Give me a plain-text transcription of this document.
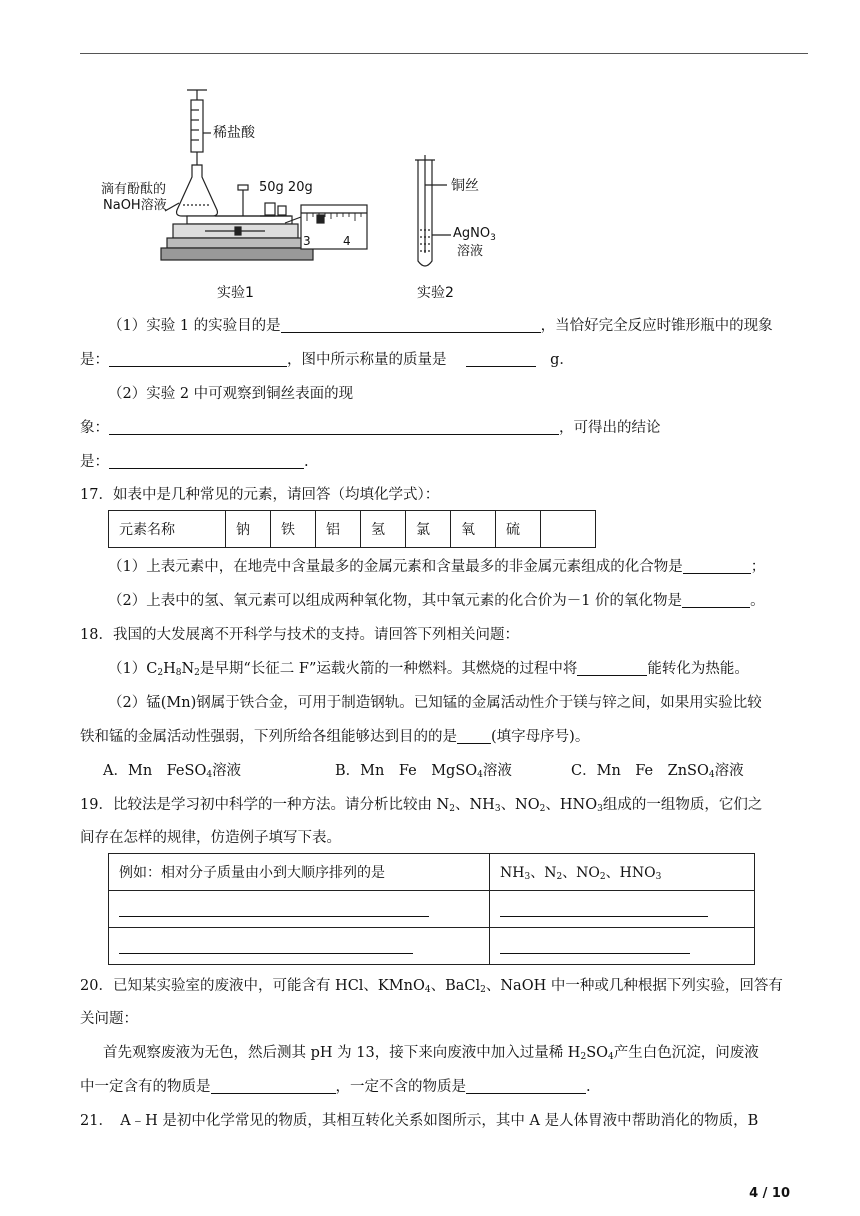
稀盐酸
滴有酚酞的
NaOH溶液
50g 20g
3	4
实验1
铜丝
AgNO$_3$
溶液
实验2
（1）实验 1 的实验目的是	，当恰好完全反应时锥形瓶中的现象
是：	，图中所示称量的质量是　 　	g．
（2）实验 2 中可观察到铜丝表面的现
象：	，可得出的结论
是：	.
17．如表中是几种常见的元素，请回答（均填化学式）：
元素名称	钠	铁	铝	氢	氯	氧	硫	
（1）上表元素中，在地壳中含量最多的金属元素和含量最多的非金属元素组成的化合物是	；
（2）上表中的氢、氧元素可以组成两种氧化物，其中氧元素的化合价为－1 价的氧化物是	。
18．我国的大发展离不开科学与技术的支持。请回答下列相关问题：
$(1)C_2H_8N_2$是早期“长征二 F”运载火箭的一种燃料。其燃烧的过程中将	能转化为热能。
（2）锰(Mn)钢属于铁合金，可用于制造钢轨。已知锰的金属活动性介于镁与锌之间，如果用实验比较
铁和锰的金属活动性强弱，下列所给各组能够达到目的的是 (填字母序号)。
A．Mn　FeSO$_4$溶液	B．Mn　Fe　MgSO$_4$溶液	C．Mn　Fe　ZnSO$_4$溶液
19．比较法是学习初中科学的一种方法。请分析比较由 $N_2$、$NH_3$、$NO_2$、$HNO_3$组成的一组物质，它们之
间存在怎样的规律，仿造例子填写下表。
例如：相对分子质量由小到大顺序排列的是	$NH_3$、$N_2$、$NO_2$、$HNO_3$

20．已知某实验室的废液中，可能含有 HCl、KMnO$_4$、BaCl$_2$、NaOH 中一种或几种根据下列实验，回答有
关问题：
首先观察废液为无色，然后测其 pH 为 13，接下来向废液中加入过量稀 $H_2SO_4$产生白色沉淀，问废液
中一定含有的物质是	，一定不含的物质是	.
21．　A﹣H 是初中化学常见的物质，其相互转化关系如图所示，其中 A 是人体胃液中帮助消化的物质，B
4 / 10
